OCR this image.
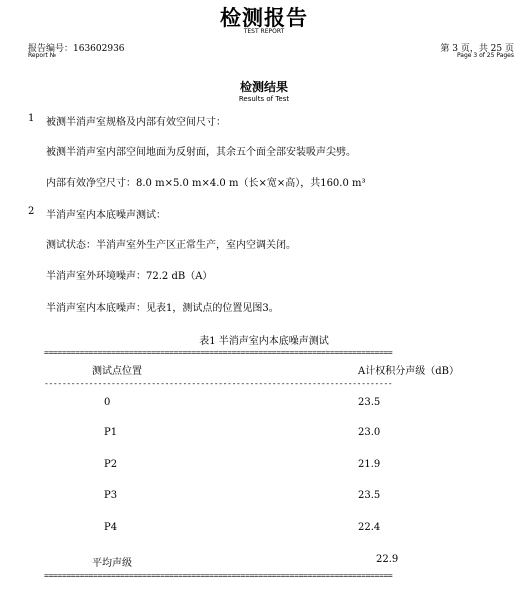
检测报告
TEST REPORT
报告编号：163602936
Report №
第 3 页，共 25 页
Page 3 of 25 Pages
检测结果
Results of Test
1 被测半消声室规格及内部有效空间尺寸：
被测半消声室内部空间地面为反射面，其余五个面全部安装吸声尖劈。
内部有效净空尺寸：8.0 m×5.0 m×4.0 m（长×宽×高），共160.0 m³
2 半消声室内本底噪声测试：
测试状态：半消声室外生产区正常生产，室内空调关闭。
半消声室外环境噪声：72.2 dB（A）
半消声室内本底噪声：见表1，测试点的位置见图3。
表1 半消声室内本底噪声测试
==============================================================================
测试点位置	A计权积分声级（dB）
------------------------------------------------------------------------------
0	23.5
P1	23.0
P2	21.9
P3	23.5
P4	22.4
平均声级	22.9
==============================================================================
